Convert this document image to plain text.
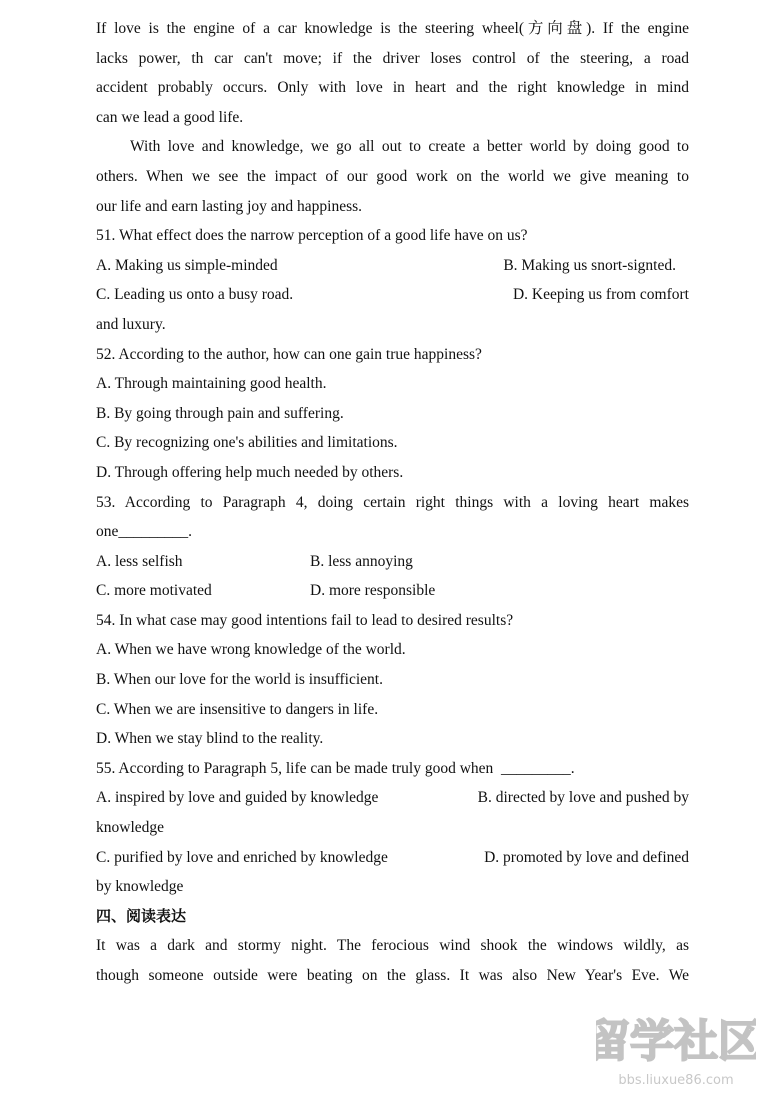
If love is the engine of a car knowledge is the steering wheel(方向盘). If the engine
lacks power, th car can't move; if the driver loses control of the steering, a road
accident probably occurs. Only with love in heart and the right knowledge in mind
can we lead a good life.
With love and knowledge, we go all out to create a better world by doing good to
others. When we see the impact of our good work on the world we give meaning to
our life and earn lasting joy and happiness.
51. What effect does the narrow perception of a good life have on us?
A. Making us simple-minded	B. Making us snort-signted.
C. Leading us onto a busy road.	D. Keeping us from comfort
and luxury.
52. According to the author, how can one gain true happiness?
A. Through maintaining good health.
B. By going through pain and suffering.
C. By recognizing one's abilities and limitations.
D. Through offering help much needed by others.
53. According to Paragraph 4, doing certain right things with a loving heart makes
one_________.
A. less selfish	B. less annoying
C. more motivated	D. more responsible
54. In what case may good intentions fail to lead to desired results?
A. When we have wrong knowledge of the world.
B. When our love for the world is insufficient.
C. When we are insensitive to dangers in life.
D. When we stay blind to the reality.
55. According to Paragraph 5, life can be made truly good when  _________.
A. inspired by love and guided by knowledge	B. directed by love and pushed by
knowledge
C. purified by love and enriched by knowledge	D. promoted by love and defined
by knowledge
四、阅读表达
It was a dark and stormy night. The ferocious wind shook the windows wildly, as
though someone outside were beating on the glass. It was also New Year's Eve. We
留学社区
bbs.liuxue86.com
